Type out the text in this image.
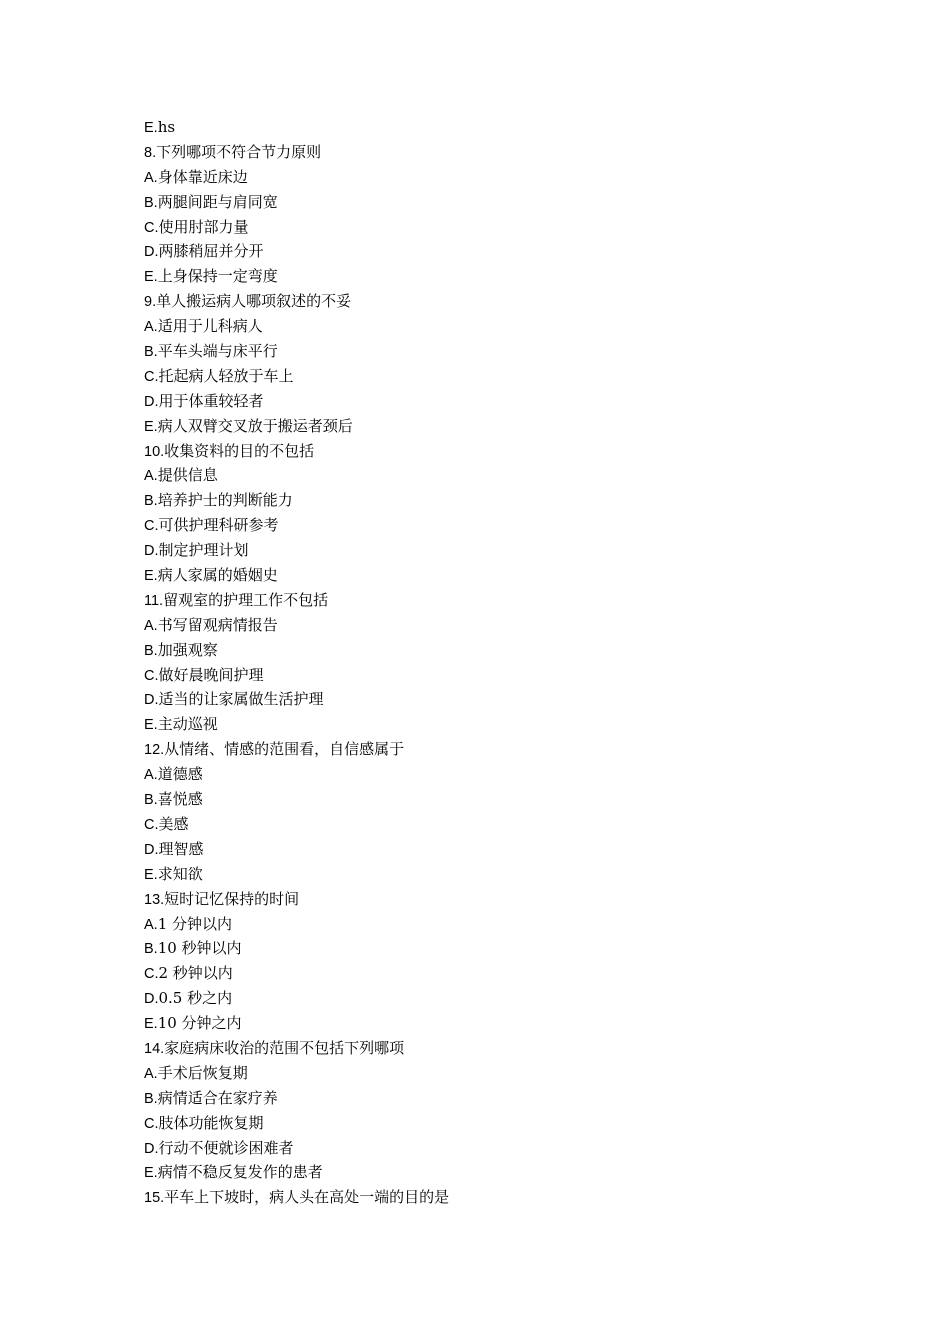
E.hs
8.下列哪项不符合节力原则
A.身体靠近床边
B.两腿间距与肩同宽
C.使用肘部力量
D.两膝稍屈并分开
E.上身保持一定弯度
9.单人搬运病人哪项叙述的不妥
A.适用于儿科病人
B.平车头端与床平行
C.托起病人轻放于车上
D.用于体重较轻者
E.病人双臂交叉放于搬运者颈后
10.收集资料的目的不包括
A.提供信息
B.培养护士的判断能力
C.可供护理科研参考
D.制定护理计划
E.病人家属的婚姻史
11.留观室的护理工作不包括
A.书写留观病情报告
B.加强观察
C.做好晨晚间护理
D.适当的让家属做生活护理
E.主动巡视
12.从情绪、情感的范围看，自信感属于
A.道德感
B.喜悦感
C.美感
D.理智感
E.求知欲
13.短时记忆保持的时间
A.1 分钟以内
B.10 秒钟以内
C.2 秒钟以内
D.0.5 秒之内
E.10 分钟之内
14.家庭病床收治的范围不包括下列哪项
A.手术后恢复期
B.病情适合在家疗养
C.肢体功能恢复期
D.行动不便就诊困难者
E.病情不稳反复发作的患者
15.平车上下坡时，病人头在高处一端的目的是
